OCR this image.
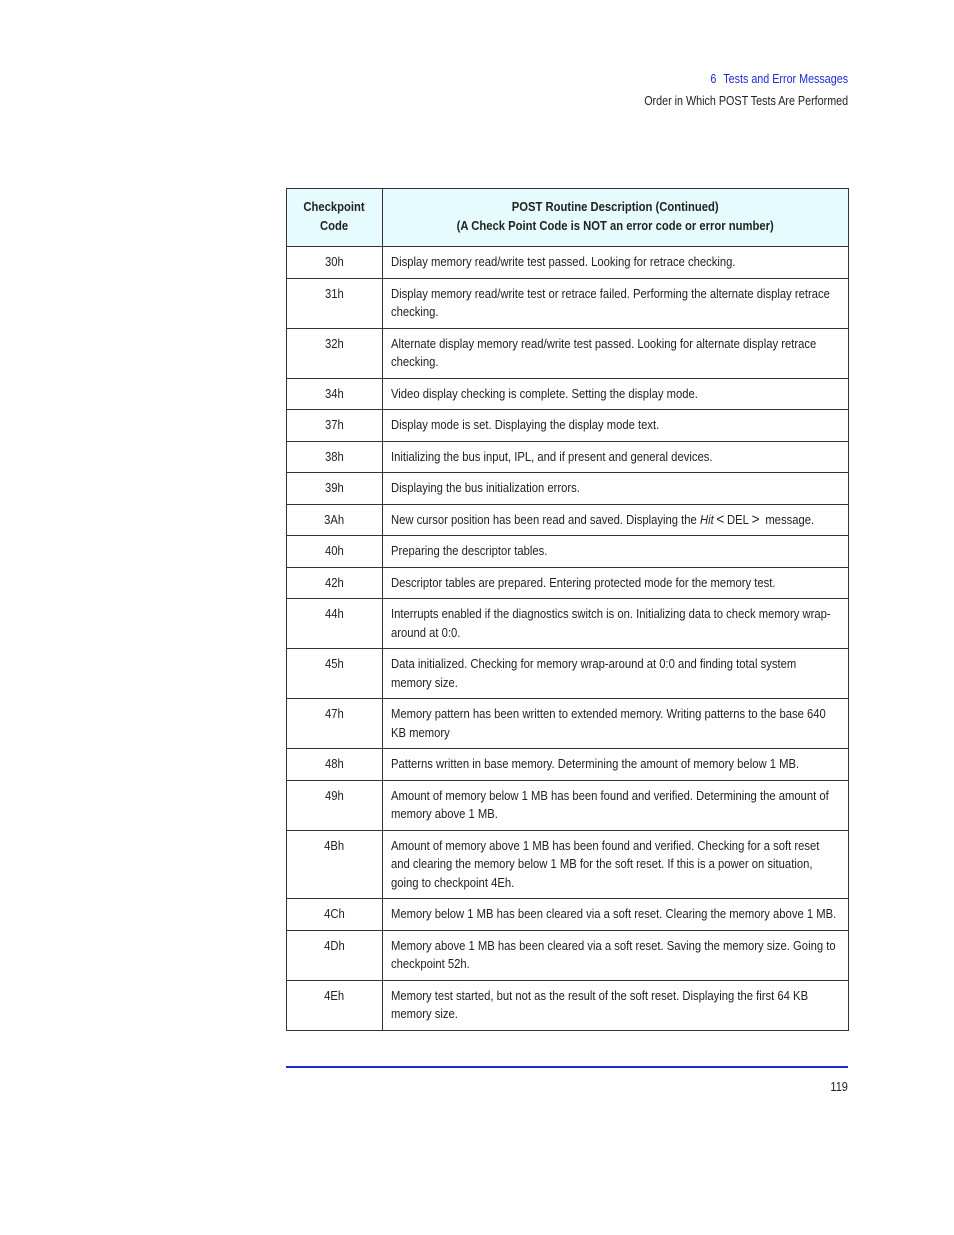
6 Tests and Error Messages
Order in Which POST Tests Are Performed
Checkpoint
Code	POST Routine Description (Continued)
(A Check Point Code is NOT an error code or error number)
30h	Display memory read/write test passed. Looking for retrace checking.
31h	Display memory read/write test or retrace failed. Performing the alternate display retrace checking.
32h	Alternate display memory read/write test passed. Looking for alternate display retrace checking.
34h	Video display checking is complete. Setting the display mode.
37h	Display mode is set. Displaying the display mode text.
38h	Initializing the bus input, IPL, and if present and general devices.
39h	Displaying the bus initialization errors.
3Ah	New cursor position has been read and saved. Displaying the Hit < DEL > message.
40h	Preparing the descriptor tables.
42h	Descriptor tables are prepared. Entering protected mode for the memory test.
44h	Interrupts enabled if the diagnostics switch is on. Initializing data to check memory wrap-around at 0:0.
45h	Data initialized. Checking for memory wrap-around at 0:0 and finding total system memory size.
47h	Memory pattern has been written to extended memory. Writing patterns to the base 640 KB memory
48h	Patterns written in base memory. Determining the amount of memory below 1 MB.
49h	Amount of memory below 1 MB has been found and verified. Determining the amount of memory above 1 MB.
4Bh	Amount of memory above 1 MB has been found and verified. Checking for a soft reset and clearing the memory below 1 MB for the soft reset. If this is a power on situation, going to checkpoint 4Eh.
4Ch	Memory below 1 MB has been cleared via a soft reset. Clearing the memory above 1 MB.
4Dh	Memory above 1 MB has been cleared via a soft reset. Saving the memory size. Going to checkpoint 52h.
4Eh	Memory test started, but not as the result of the soft reset. Displaying the first 64 KB memory size.
119
